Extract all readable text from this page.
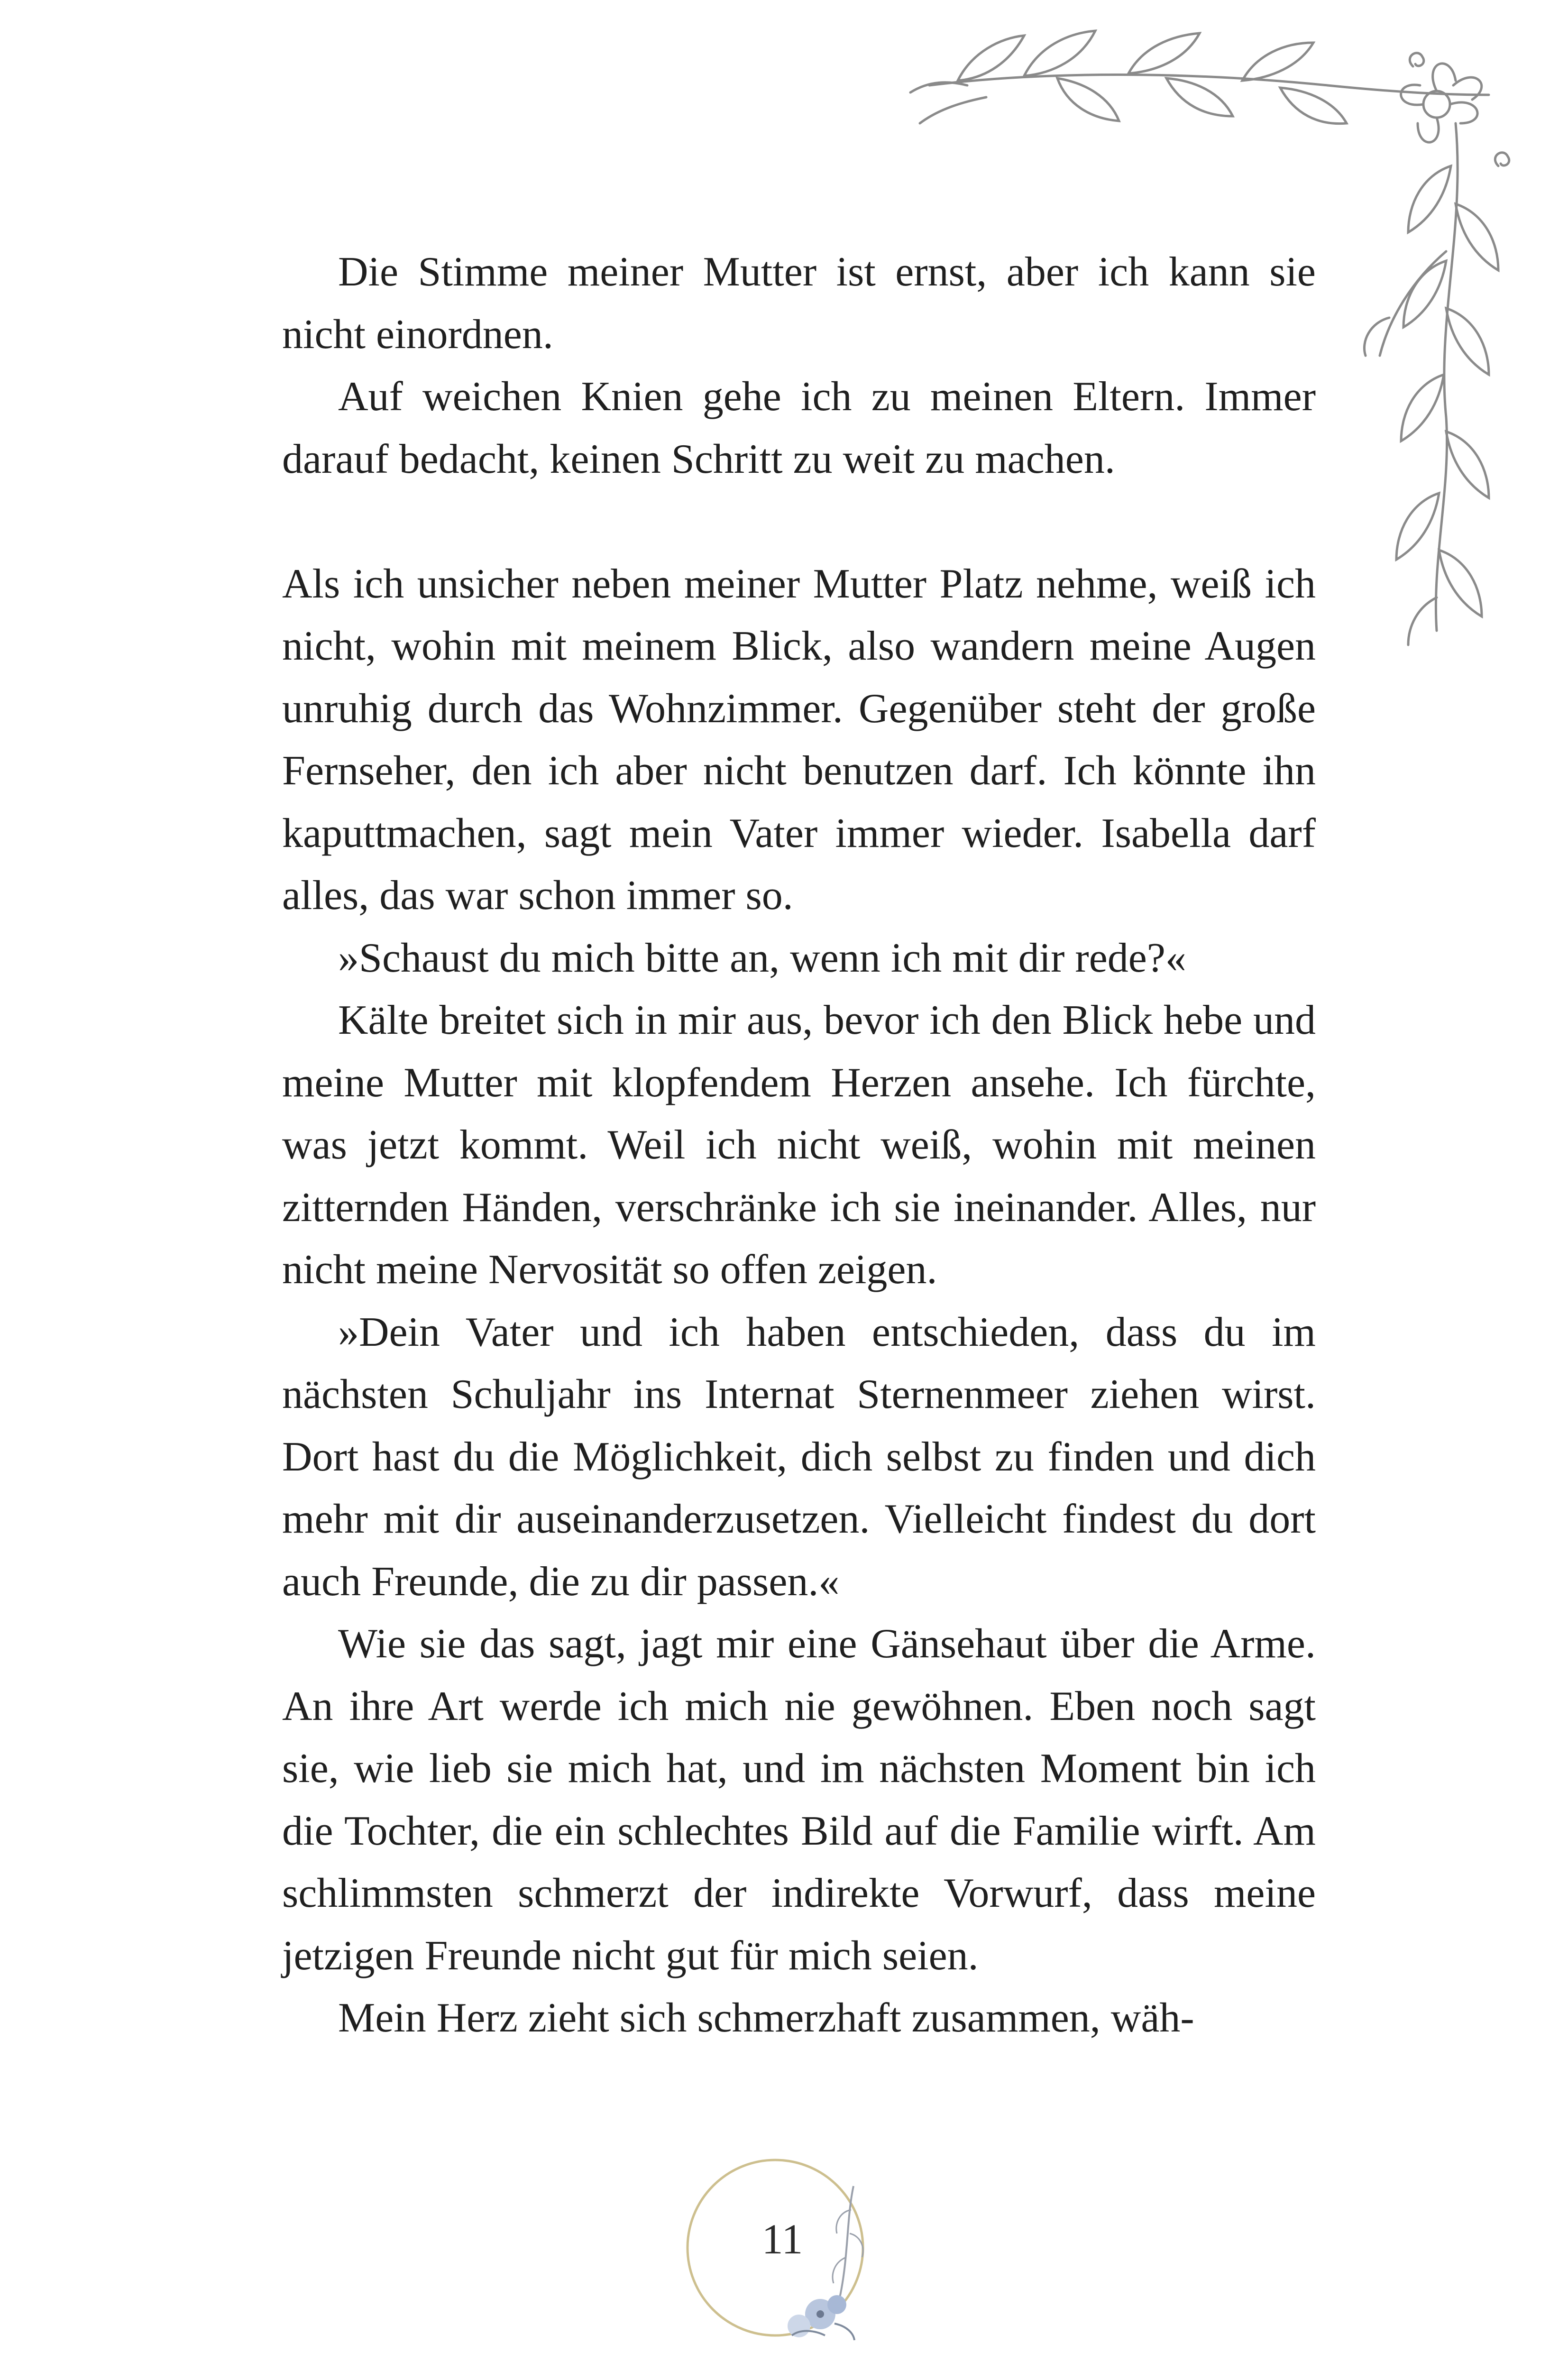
Die Stimme meiner Mutter ist ernst, aber ich kann sie nicht einordnen.

Auf weichen Knien gehe ich zu meinen Eltern. Immer darauf bedacht, keinen Schritt zu weit zu machen.

Als ich unsicher neben meiner Mutter Platz nehme, weiß ich nicht, wohin mit meinem Blick, also wandern meine Augen unruhig durch das Wohnzimmer. Gegenüber steht der große Fernseher, den ich aber nicht benutzen darf. Ich könnte ihn kaputtmachen, sagt mein Vater immer wieder. Isabella darf alles, das war schon immer so.

»Schaust du mich bitte an, wenn ich mit dir rede?«

Kälte breitet sich in mir aus, bevor ich den Blick hebe und meine Mutter mit klopfendem Herzen ansehe. Ich fürchte, was jetzt kommt. Weil ich nicht weiß, wohin mit meinen zitternden Händen, verschränke ich sie ineinander. Alles, nur nicht meine Nervosität so offen zeigen.

»Dein Vater und ich haben entschieden, dass du im nächsten Schuljahr ins Internat Sternenmeer ziehen wirst. Dort hast du die Möglichkeit, dich selbst zu finden und dich mehr mit dir auseinanderzusetzen. Vielleicht findest du dort auch Freunde, die zu dir passen.«

Wie sie das sagt, jagt mir eine Gänsehaut über die Arme. An ihre Art werde ich mich nie gewöhnen. Eben noch sagt sie, wie lieb sie mich hat, und im nächsten Moment bin ich die Tochter, die ein schlechtes Bild auf die Familie wirft. Am schlimmsten schmerzt der indirekte Vorwurf, dass meine jetzigen Freunde nicht gut für mich seien.

Mein Herz zieht sich schmerzhaft zusammen, wäh-

11
